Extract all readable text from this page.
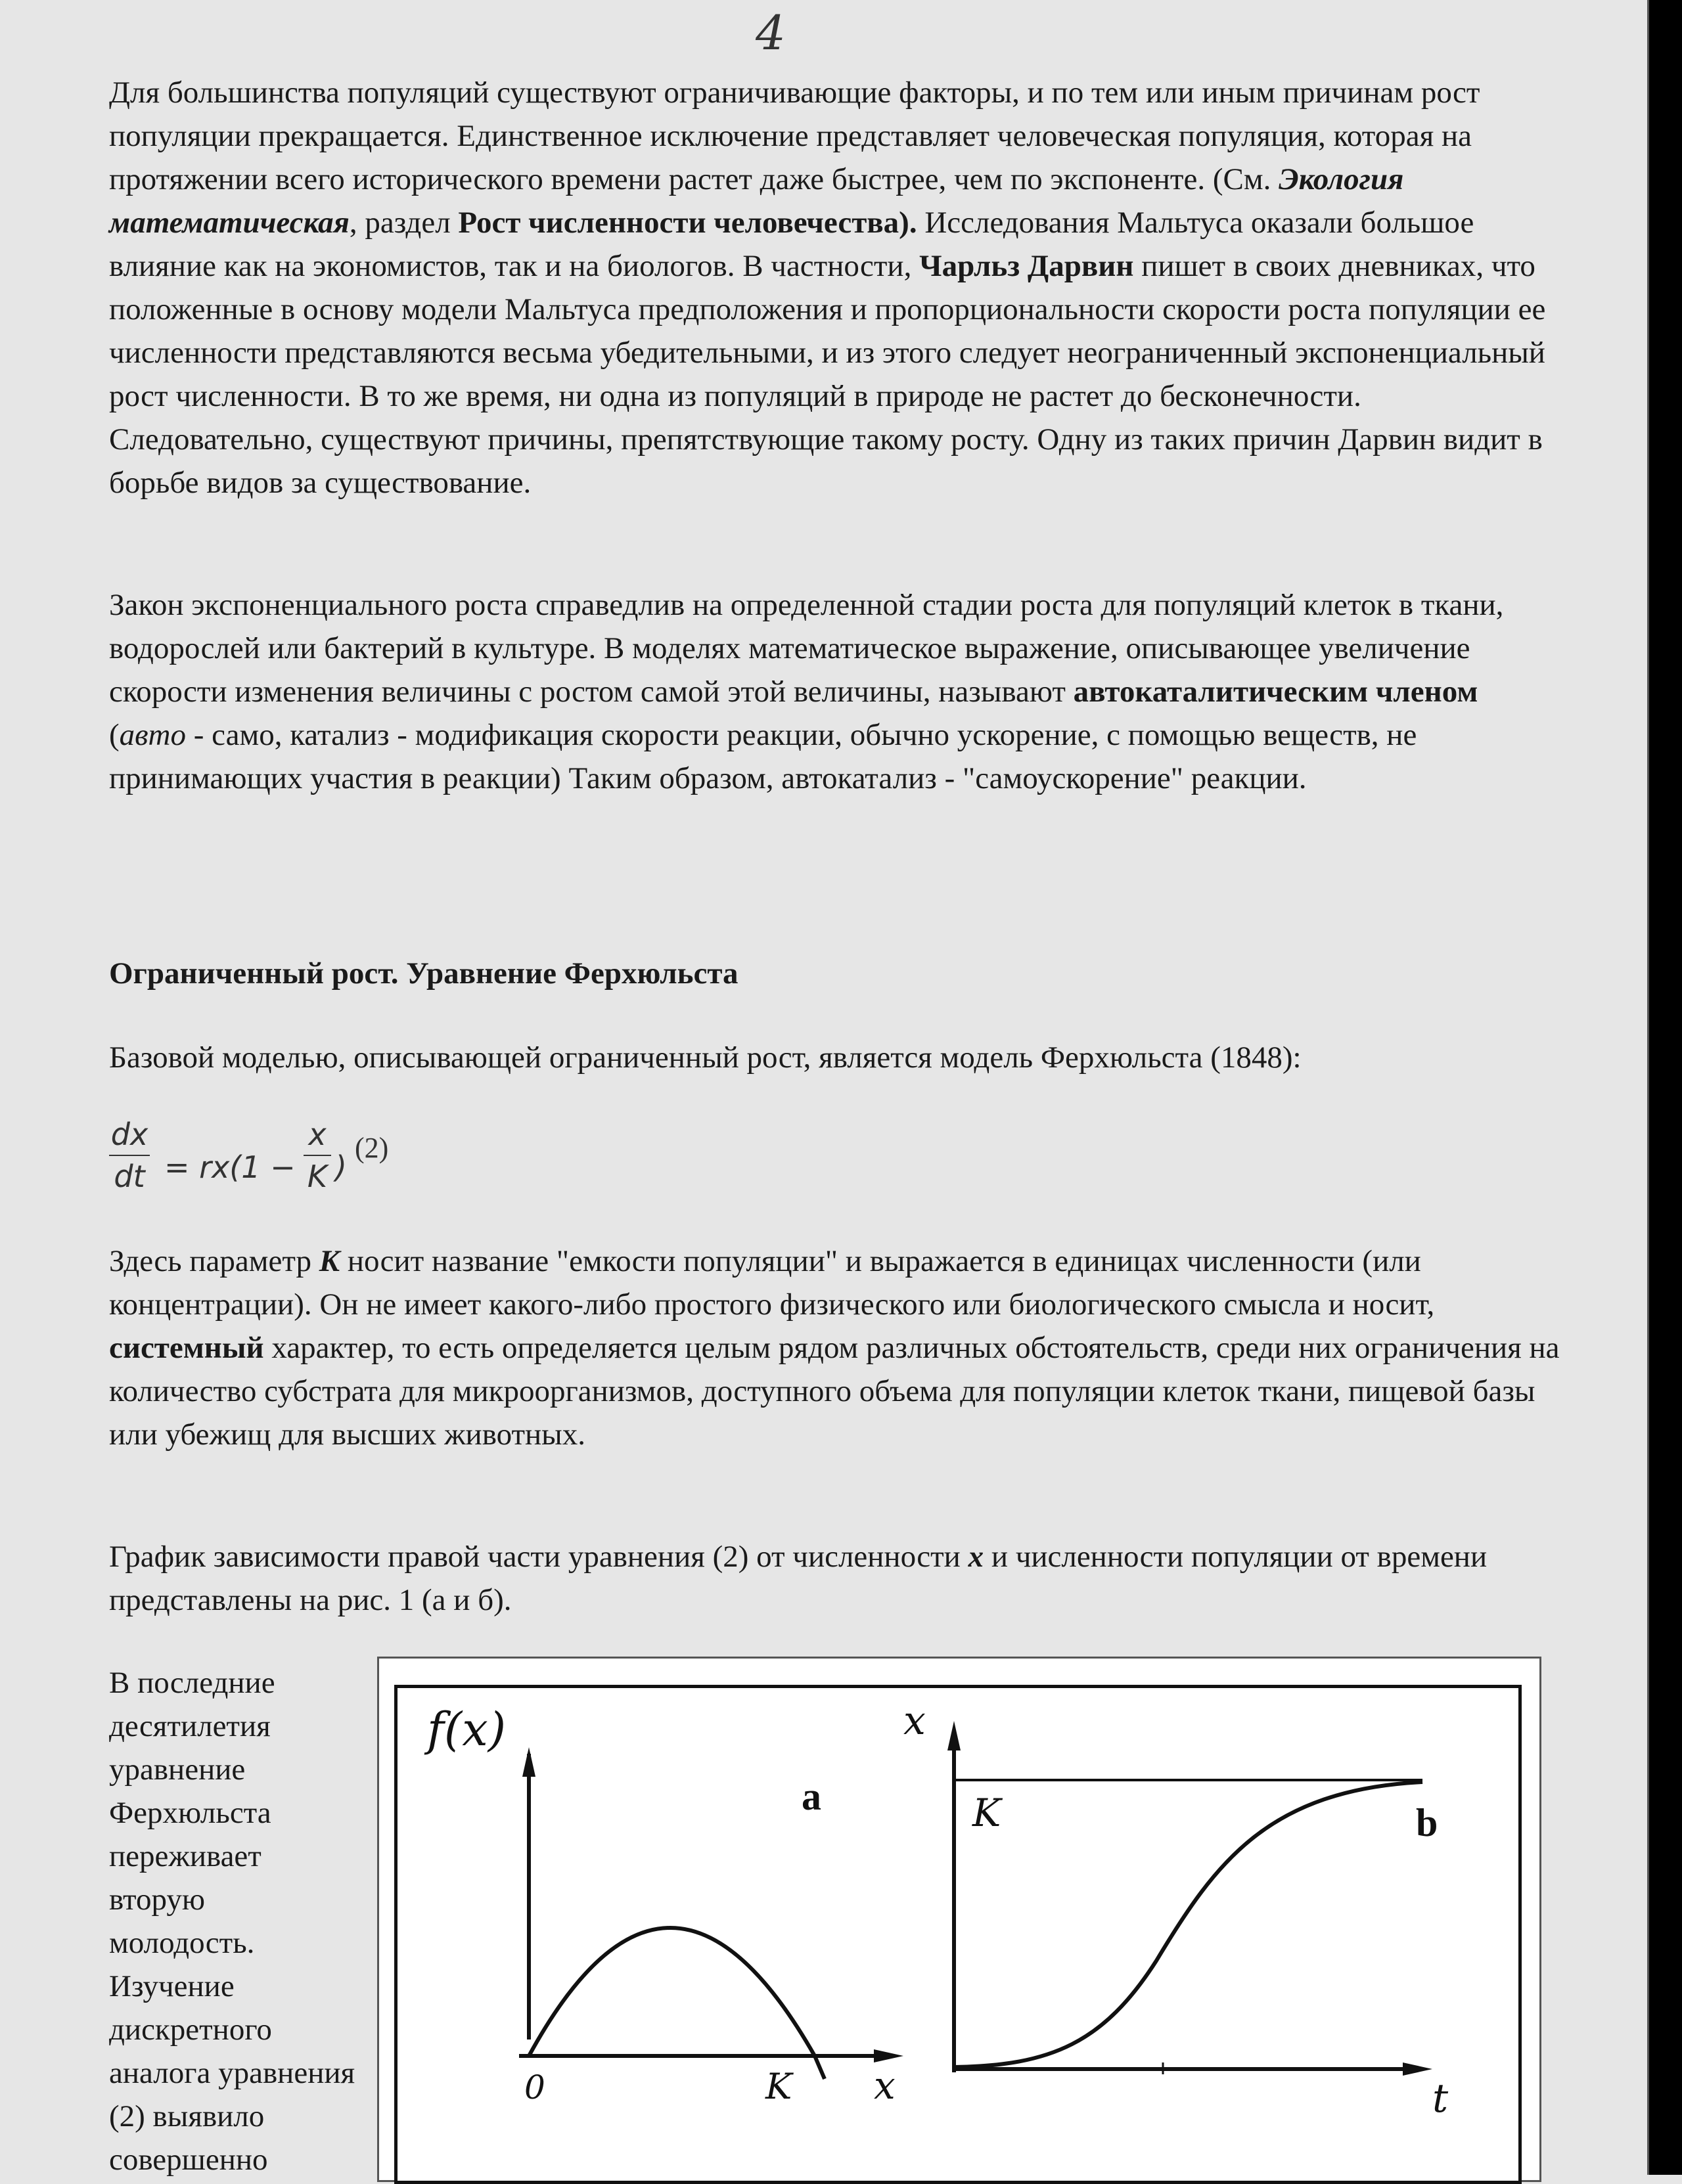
4

Для большинства популяций существуют ограничивающие факторы, и по тем или иным причинам рост популяции прекращается. Единственное исключение представляет человеческая популяция, которая на протяжении всего исторического времени растет даже быстрее, чем по экспоненте. (См. Экология математическая, раздел Рост численности человечества). Исследования Мальтуса оказали большое влияние как на экономистов, так и на биологов. В частности, Чарльз Дарвин пишет в своих дневниках, что положенные в основу модели Мальтуса предположения и пропорциональности скорости роста популяции ее численности представляются весьма убедительными, и из этого следует неограниченный экспоненциальный рост численности. В то же время, ни одна из популяций в природе не растет до бесконечности. Следовательно, существуют причины, препятствующие такому росту. Одну из таких причин Дарвин видит в борьбе видов за существование.

Закон экспоненциального роста справедлив на определенной стадии роста для популяций клеток в ткани, водорослей или бактерий в культуре. В моделях математическое выражение, описывающее увеличение скорости изменения величины с ростом самой этой величины, называют автокаталитическим членом (авто - само, катализ - модификация скорости реакции, обычно ускорение, с помощью веществ, не принимающих участия в реакции) Таким образом, автокатализ - "самоускорение" реакции.

Ограниченный рост. Уравнение Ферхюльста

Базовой моделью, описывающей ограниченный рост, является модель Ферхюльста (1848):

dx
dt = rx(1 −
x
K )
(2)

Здесь параметр K носит название "емкости популяции" и выражается в единицах численности (или концентрации). Он не имеет какого-либо простого физического или биологического смысла и носит, системный характер, то есть определяется целым рядом различных обстоятельств, среди них ограничения на количество субстрата для микроорганизмов, доступного объема для популяции клеток ткани, пищевой базы или убежищ для высших животных.

График зависимости правой части уравнения (2) от численности x и численности популяции от времени представлены на рис. 1 (а и б).

В последние
десятилетия
уравнение
Ферхюльста
переживает
вторую
молодость.
Изучение
дискретного
аналога уравнения
(2) выявило
совершенно

f(x)
a
0	K x
x
K	b
t
